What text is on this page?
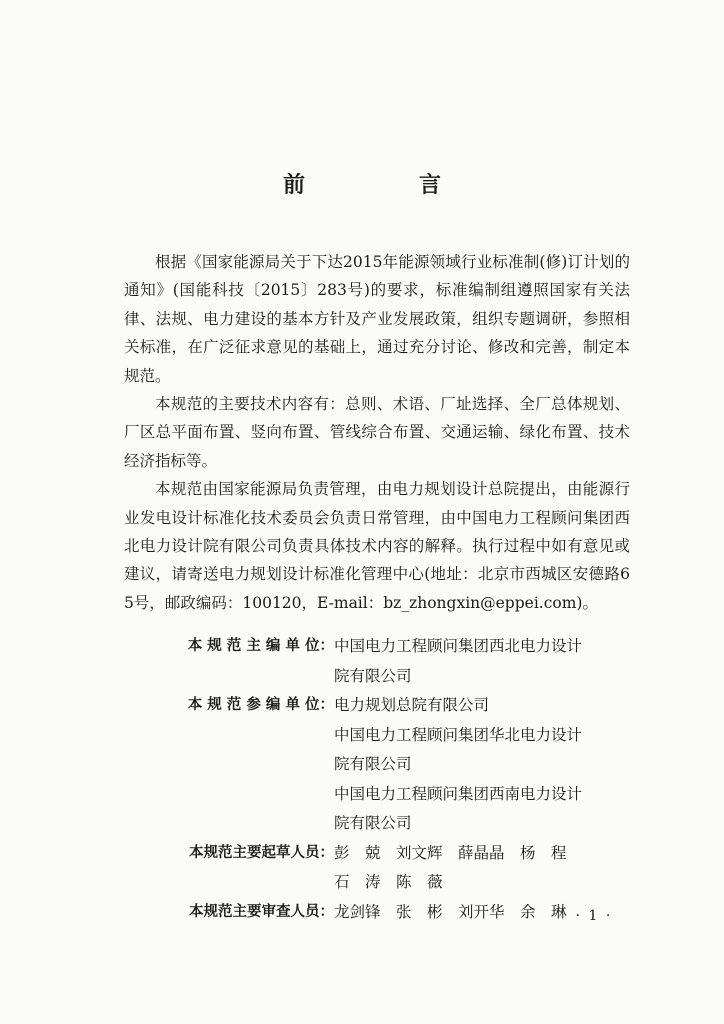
前　言

根据《国家能源局关于下达2015年能源领域行业标准制(修)订计划的通知》(国能科技〔2015〕283号)的要求，标准编制组遵照国家有关法律、法规、电力建设的基本方针及产业发展政策，组织专题调研，参照相关标准，在广泛征求意见的基础上，通过充分讨论、修改和完善，制定本规范。

本规范的主要技术内容有：总则、术语、厂址选择、全厂总体规划、厂区总平面布置、竖向布置、管线综合布置、交通运输、绿化布置、技术经济指标等。

本规范由国家能源局负责管理，由电力规划设计总院提出，由能源行业发电设计标准化技术委员会负责日常管理，由中国电力工程顾问集团西北电力设计院有限公司负责具体技术内容的解释。执行过程中如有意见或建议，请寄送电力规划设计标准化管理中心(地址：北京市西城区安德路65号，邮政编码：100120，E-mail：bz_zhongxin@eppei.com)。

本 规 范 主 编 单 位： 中国电力工程顾问集团西北电力设计
院有限公司
本 规 范 参 编 单 位： 电力规划总院有限公司
中国电力工程顾问集团华北电力设计
院有限公司
中国电力工程顾问集团西南电力设计
院有限公司
本规范主要起草人员： 彭　兢　刘文辉　薛晶晶　杨　程
石　涛　陈　薇
本规范主要审查人员： 龙剑锋　张　彬　刘开华　余　琳 · 1 ·
